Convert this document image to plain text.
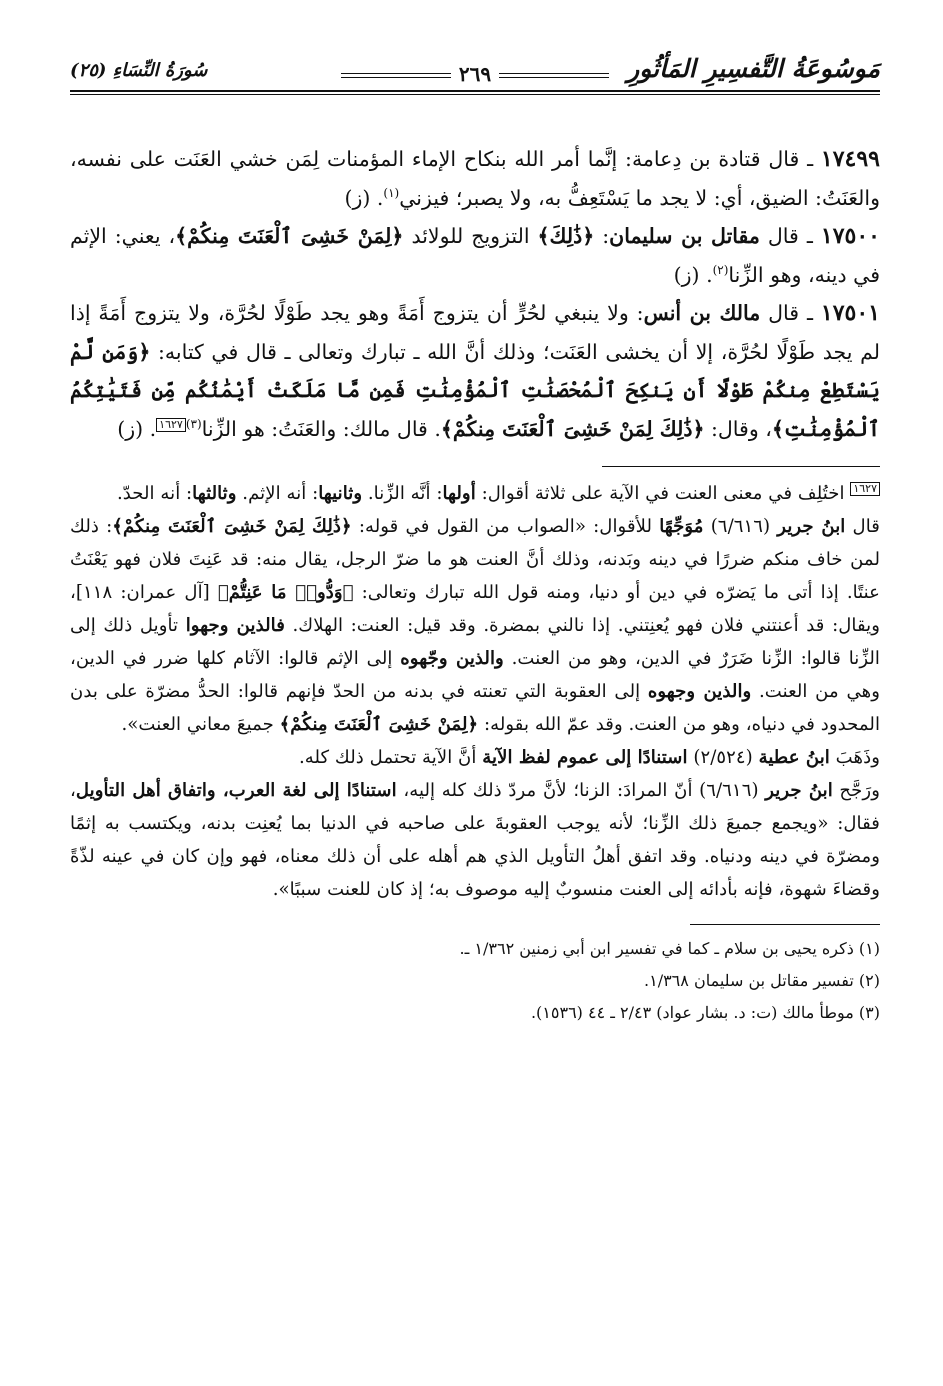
مَوسُوعَةُ التَّفسِيرِ المَأثُورِ
٢٦٩
سُورَةُ النِّسَاءِ (٢٥)

١٧٤٩٩ ـ قال قتادة بن دِعامة: إنَّما أمر الله بنكاح الإماء المؤمنات لِمَن خشي العَنَت على نفسه، والعَنَتُ: الضيق، أي: لا يجد ما يَسْتَعِفُّ به، ولا يصبر؛ فيزني$^{(١)}$. (ز)

١٧٥٠٠ ـ قال مقاتل بن سليمان: ﴿ذَٰلِكَ﴾ التزويج للولائد ﴿لِمَنْ خَشِىَ ٱلْعَنَتَ مِنكُمْ﴾، يعني: الإثم في دينه، وهو الزِّنا$^{(٢)}$. (ز)

١٧٥٠١ ـ قال مالك بن أنس: ولا ينبغي لحُرٍّ أن يتزوج أَمَةً وهو يجد طَوْلًا لحُرَّة، ولا يتزوج أَمَةً إذا لم يجد طَوْلًا لحُرَّة، إلا أن يخشى العَنَت؛ وذلك أنَّ الله ـ تبارك وتعالى ـ قال في كتابه: ﴿وَمَن لَّمْ يَسْتَطِعْ مِنكُمْ طَوْلًا أَن يَنكِحَ ٱلْمُحْصَنَٰتِ ٱلْمُؤْمِنَٰتِ فَمِن مَّا مَلَكَتْ أَيْمَٰنُكُم مِّن فَتَيَٰتِكُمُ ٱلْمُؤْمِنَٰتِ﴾، وقال: ﴿ذَٰلِكَ لِمَنْ خَشِىَ ٱلْعَنَتَ مِنكُمْ﴾. قال مالك: والعَنَتُ: هو الزِّنا$^{(٣)}$١٦٢٧. (ز)

١٦٢٧ اختُلِف في معنى العنت في الآية على ثلاثة أقوال: أولها: أنَّه الزِّنا. وثانيها: أنه الإثم. وثالثها: أنه الحدّ.

قال ابنُ جرير (٦/٦١٦) مُوَجِّهًا للأقوال: «الصواب من القول في قوله: ﴿ذَٰلِكَ لِمَنْ خَشِىَ ٱلْعَنَتَ مِنكُمْ﴾: ذلك لمن خاف منكم ضررًا في دينه وبَدنه، وذلك أنَّ العنت هو ما ضرّ الرجل، يقال منه: قد عَنِتَ فلان فهو يَعْنَتُ عنتًا. إذا أتى ما يَضرّه في دين أو دنيا، ومنه قول الله تبارك وتعالى: ﴿وَدُّوا۟ مَا عَنِتُّمْ﴾ [آل عمران: ١١٨]، ويقال: قد أعنتني فلان فهو يُعنِتني. إذا نالني بمضرة. وقد قيل: العنت: الهلاك. فالذين وجهوا تأويل ذلك إلى الزِّنا قالوا: الزِّنا ضَرَرٌ في الدين، وهو من العنت. والذين وجّهوه إلى الإثم قالوا: الآثام كلها ضرر في الدين، وهي من العنت. والذين وجهوه إلى العقوبة التي تعنته في بدنه من الحدّ فإنهم قالوا: الحدُّ مضرّة على بدن المحدود في دنياه، وهو من العنت. وقد عمّ الله بقوله: ﴿لِمَنْ خَشِىَ ٱلْعَنَتَ مِنكُمْ﴾ جميعَ معاني العنت».

وذَهَبَ ابنُ عطية (٢/٥٢٤) استنادًا إلى عموم لفظ الآية أنَّ الآية تحتمل ذلك كله.

ورَجَّح ابنُ جرير (٦/٦١٦) أنّ المرادَ: الزنا؛ لأنَّ مردّ ذلك كله إليه، استنادًا إلى لغة العرب، واتفاق أهل التأويل، فقال: «ويجمع جميعَ ذلك الزِّنا؛ لأنه يوجب العقوبةَ على صاحبه في الدنيا بما يُعنِت بدنه، ويكتسب به إثمًا ومضرّة في دينه ودنياه. وقد اتفق أهلُ التأويل الذي هم أهله على أن ذلك معناه، فهو وإن كان في عينه لذّةً وقضاءَ شهوة، فإنه بأدائه إلى العنت منسوبٌ إليه موصوف به؛ إذ كان للعنت سببًا».

(١) ذكره يحيى بن سلام ـ كما في تفسير ابن أبي زمنين ١/٣٦٢ ـ.

(٢) تفسير مقاتل بن سليمان ١/٣٦٨.

(٣) موطأ مالك (ت: د. بشار عواد) ٢/٤٣ ـ ٤٤ (١٥٣٦).
